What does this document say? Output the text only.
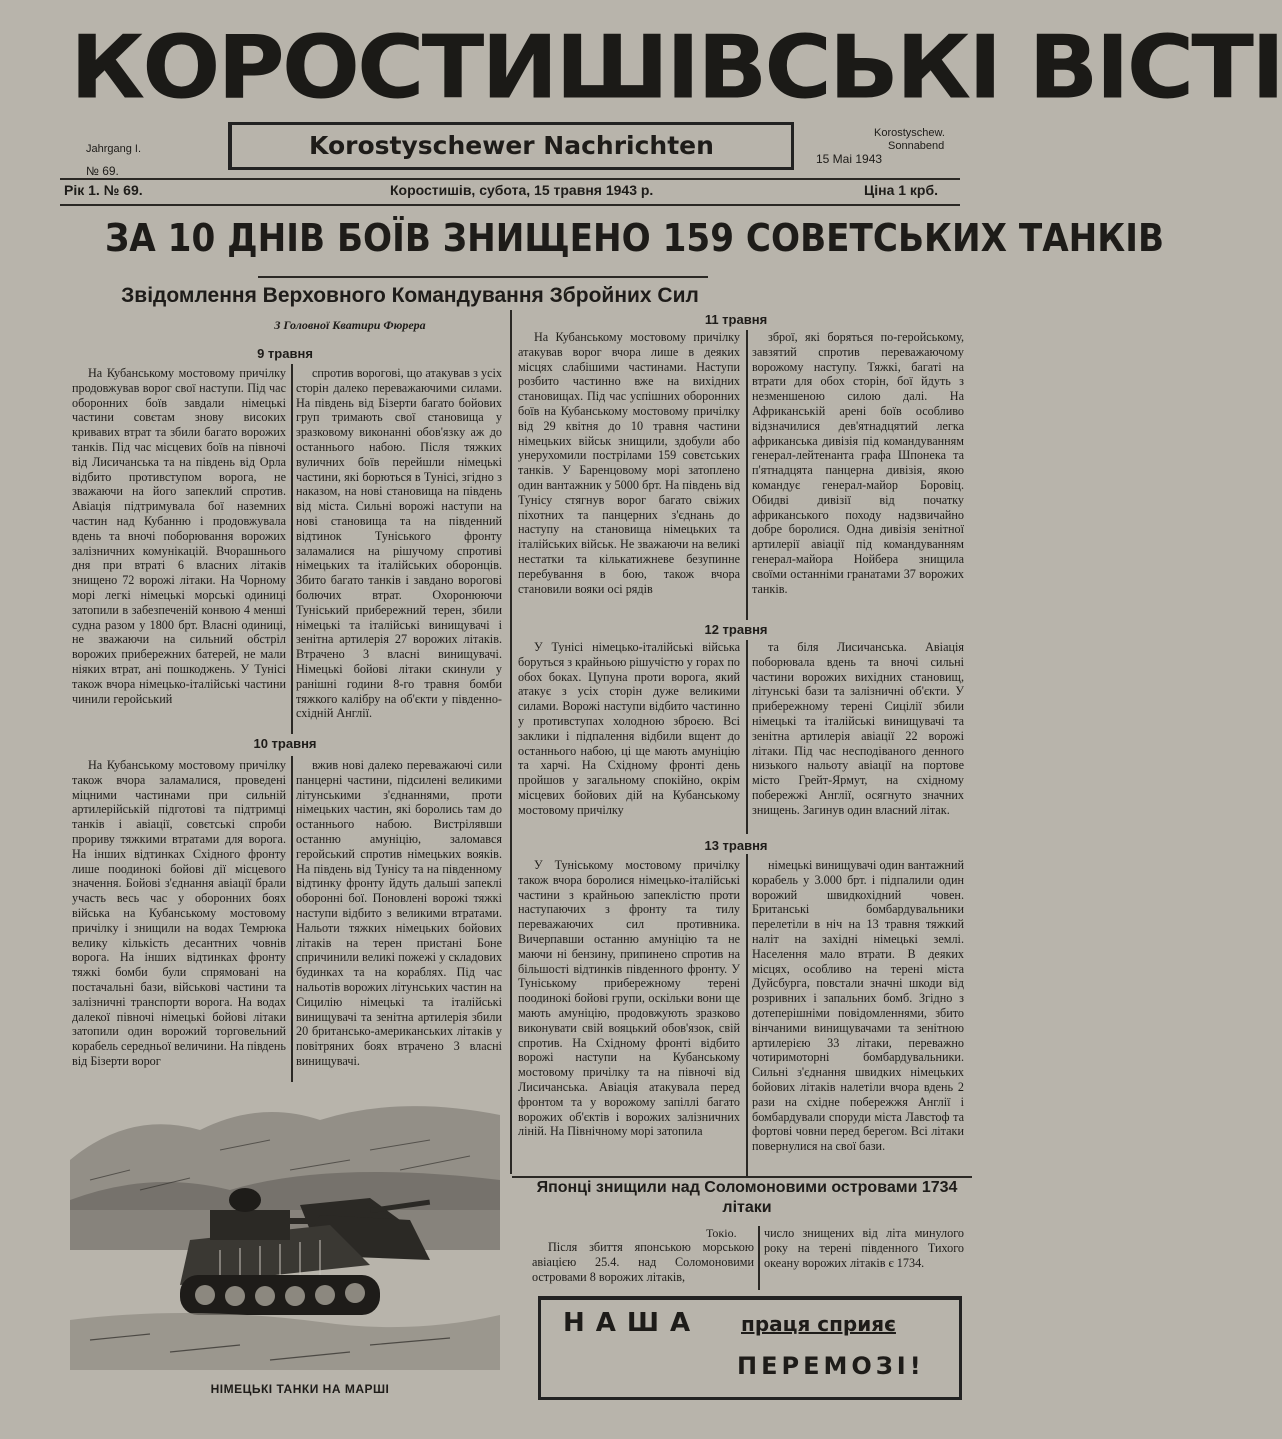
КОРОСТИШІВСЬКІ ВІСТІ
Jahrgang I.
№ 69.
Korostyschewer Nachrichten	Korostyschew.
Sonnabend
15 Mai 1943
Рік 1. № 69.	Коростишів, субота, 15 травня 1943 р.	Ціна 1 крб.
ЗА 10 ДНІВ БОЇВ ЗНИЩЕНО 159 СОВЕТСЬКИХ ТАНКІВ
Звідомлення Верховного Командування Збройних Сил
З Головної Кватири Фюрера
9 травня

На Кубанському мостовому причілку продовжував ворог свої наступи. Під час оборонних боїв завдали німецькі частини совєтам знову високих кривавих втрат та збили багато ворожих танків. Під час місцевих боїв на півночі від Лисичанська та на південь від Орла відбито противступом ворога, не зважаючи на його запеклий спротив. Авіація підтримувала бої наземних частин над Кубанню і продовжувала вдень та вночі поборювання ворожих залізничних комунікацій. Вчорашнього дня при втраті 6 власних літаків знищено 72 ворожі літаки. На Чорному морі легкі німецькі морські одиниці затопили в забезпеченій конвою 4 менші судна разом у 1800 брт. Власні одиниці, не зважаючи на сильний обстріл ворожих прибережних батерей, не мали ніяких втрат, ані пошкоджень. У Тунісі також вчора німецько-італійські частини чинили геройський

спротив ворогові, що атакував з усіх сторін далеко переважаючими силами. На південь від Бізерти багато бойових груп тримають свої становища у зразковому виконанні обов'язку аж до останнього набою. Після тяжких вуличних боїв перейшли німецькі частини, які борються в Тунісі, згідно з наказом, на нові становища на південь від міста. Сильні ворожі наступи на нові становища та на південний відтинок Туніського фронту заламалися на рішучому спротиві німецьких та італійських оборонців. Збито багато танків і завдано ворогові болючих втрат. Охоронюючи Туніський прибережний терен, збили німецькі та італійські винищувачі і зенітна артилерія 27 ворожих літаків. Втрачено 3 власні винищувачі. Німецькі бойові літаки скинули у ранішні години 8-го травня бомби тяжкого калібру на об'єкти у південно-східній Англії.

10 травня

На Кубанському мостовому причілку також вчора заламалися, проведені міцними частинами при сильній артилерійській підготові та підтримці танків і авіації, совєтські спроби прориву тяжкими втратами для ворога. На інших відтинках Східного фронту лише поодинокі бойові дії місцевого значення. Бойові з'єднання авіації брали участь весь час у оборонних боях війська на Кубанському мостовому причілку і знищили на водах Темрюка велику кількість десантних човнів ворога. На інших відтинках фронту тяжкі бомби були спрямовані на постачальні бази, військові частини та залізничні транспорти ворога. На водах далекої півночі німецькі бойові літаки затопили один ворожий торговельний корабель середньої величини. На південь від Бізерти ворог

вжив нові далеко переважаючі сили панцерні частини, підсилені великими літунськими з'єднаннями, проти німецьких частин, які боролись там до останнього набою. Вистрілявши останню амуніцію, заломався геройський спротив німецьких вояків. На південь від Тунісу та на південному відтинку фронту йдуть дальші запеклі оборонні бої. Поновлені ворожі тяжкі наступи відбито з великими втратами. Нальоти тяжких німецьких бойових літаків на терен пристані Боне спричинили великі пожежі у складових будинках та на кораблях. Під час нальотів ворожих літунських частин на Сицилію німецькі та італійські винищувачі та зенітна артилерія збили 20 британсько-американських літаків у повітряних боях втрачено 3 власні винищувачі.

11 травня

На Кубанському мостовому причілку атакував ворог вчора лише в деяких місцях слабішими частинами. Наступи розбито частинно вже на вихідних становищах. Під час успішних оборонних боїв на Кубанському мостовому причілку від 29 квітня до 10 травня частини німецьких військ знищили, здобули або унерухомили пострілами 159 совєтських танків. У Баренцовому морі затоплено один вантажник у 5000 брт. На південь від Тунісу стягнув ворог багато свіжих піхотних та панцерних з'єднань до наступу на становища німецьких та італійських військ. Не зважаючи на великі нестатки та кількатижневе безупинне перебування в бою, також вчора становили вояки осі рядів

зброї, які боряться по-геройському, завзятий спротив переважаючому ворожому наступу. Тяжкі, багаті на втрати для обох сторін, бої йдуть з незменшеною силою далі. На Африканській арені боїв особливо відзначилися дев'ятнадцятий легка африканська дивізія під командуванням генерал-лейтенанта графа Шпонека та п'ятнадцята панцерна дивізія, якою командує генерал-майор Боровіц. Обидві дивізії від початку африканського походу надзвичайно добре боролися. Одна дивізія зенітної артилерії авіації під командуванням генерал-майора Нойбера знищила своїми останніми гранатами 37 ворожих танків.

12 травня

У Тунісі німецько-італійські війська боруться з крайньою рішучістю у горах по обох боках. Цупуна проти ворога, який атакує з усіх сторін дуже великими силами. Ворожі наступи відбито частинно у противступах холодною зброєю. Всі заклики і підпалення відбили вщент до останнього набою, ці ще мають амуніцію та харчі. На Східному фронті день пройшов у загальному спокійно, окрім місцевих бойових дій на Кубанському мостовому причілку

та біля Лисичанська. Авіація поборювала вдень та вночі сильні частини ворожих вихідних становищ, літунські бази та залізничні об'єкти. У прибережному терені Сицілії збили німецькі та італійські винищувачі та зенітна артилерія авіації 22 ворожі літаки. Під час несподіваного денного низького нальоту авіації на портове місто Грейт-Ярмут, на східному побережжі Англії, осягнуто значних знищень. Загинув один власний літак.

13 травня

У Туніському мостовому причілку також вчора боролися німецько-італійські частини з крайньою запеклістю проти наступаючих з фронту та тилу переважаючих сил противника. Вичерпавши останню амуніцію та не маючи ні бензину, припинено спротив на більшості відтинків південного фронту. У Туніському прибережному терені поодинокі бойові групи, оскільки вони ще мають амуніцію, продовжують зразково виконувати свій вояцький обов'язок, свій спротив. На Східному фронті відбито ворожі наступи на Кубанському мостовому причілку та на півночі від Лисичанська. Авіація атакувала перед фронтом та у ворожому запіллі багато ворожих об'єктів і ворожих залізничних ліній. На Північному морі затопила

німецькі винищувачі один вантажний корабель у 3.000 брт. і підпалили один ворожий швидкохідний човен. Британські бомбардувальники перелетіли в ніч на 13 травня тяжкий наліт на західні німецькі землі. Населення мало втрати. В деяких місцях, особливо на терені міста Дуйсбурга, повстали значні шкоди від розривних і запальних бомб. Згідно з дотеперішніми повідомленнями, збито вінчаними винищувачами та зенітною артилерією 33 літаки, переважно чотиримоторні бомбардувальники. Сильні з'єднання швидких німецьких бойових літаків налетіли вчора вдень 2 рази на східне побережжя Англії і бомбардували споруди міста Лавстоф та фортові човни перед берегом. Всі літаки повернулися на свої бази.

НІМЕЦЬКІ ТАНКИ НА МАРШІ
Японці знищили над Соломоновими островами 1734 літаки
Токіо.

Після збиття японською морською авіацією 25.4. над Соломоновими островами 8 ворожих літаків,

число знищених від літа минулого року на терені південного Тихого океану ворожих літаків є 1734.

НАША праця сприяє
ПЕРЕМОЗІ!
